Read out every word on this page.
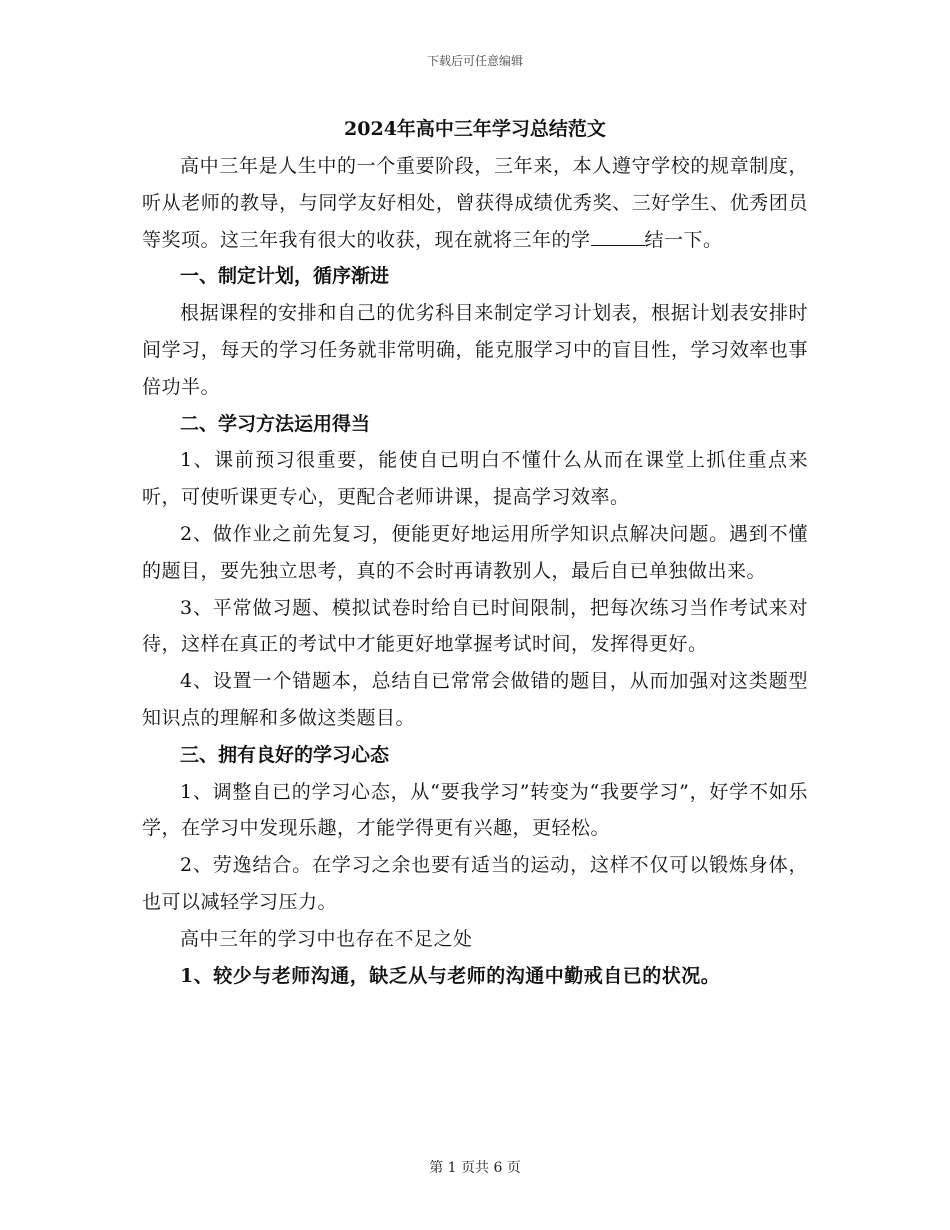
下载后可任意编辑
2024年高中三年学习总结范文

高中三年是人生中的一个重要阶段，三年来，本人遵守学校的规章制度，听从老师的教导，与同学友好相处，曾获得成绩优秀奖、三好学生、优秀团员等奖项。这三年我有很大的收获，现在就将三年的学	结一下。

一、制定计划，循序渐进

根据课程的安排和自己的优劣科目来制定学习计划表，根据计划表安排时间学习，每天的学习任务就非常明确，能克服学习中的盲目性，学习效率也事倍功半。

二、学习方法运用得当

1、课前预习很重要，能使自已明白不懂什么从而在课堂上抓住重点来听，可使听课更专心，更配合老师讲课，提高学习效率。

2、做作业之前先复习，便能更好地运用所学知识点解决问题。遇到不懂的题目，要先独立思考，真的不会时再请教别人，最后自已单独做出来。

3、平常做习题、模拟试卷时给自已时间限制，把每次练习当作考试来对待，这样在真正的考试中才能更好地掌握考试时间，发挥得更好。

4、设置一个错题本，总结自已常常会做错的题目，从而加强对这类题型知识点的理解和多做这类题目。

三、拥有良好的学习心态

1、调整自已的学习心态，从“要我学习”转变为“我要学习”，好学不如乐学，在学习中发现乐趣，才能学得更有兴趣，更轻松。

2、劳逸结合。在学习之余也要有适当的运动，这样不仅可以锻炼身体，也可以减轻学习压力。

高中三年的学习中也存在不足之处

1、较少与老师沟通，缺乏从与老师的沟通中勤戒自已的状况。

第 1 页共 6 页
